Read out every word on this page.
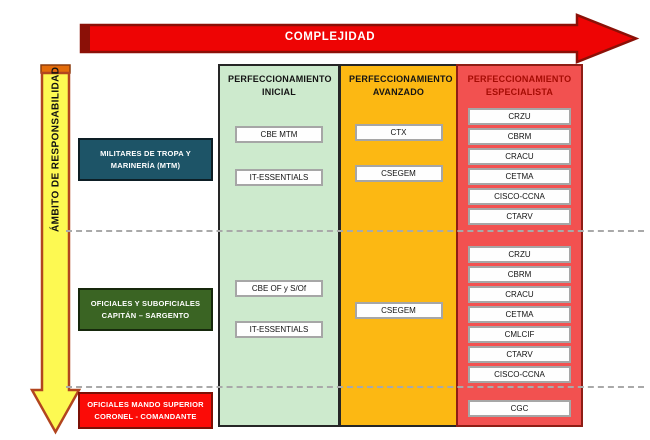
COMPLEJIDAD
PERFECCIONAMIENTO INICIAL
CBE MTM
IT-ESSENTIALS
CBE OF y S/Of
IT-ESSENTIALS
PERFECCIONAMIENTO AVANZADO
CTX
CSEGEM
CSEGEM
PERFECCIONAMIENTO ESPECIALISTA
CRZU
CBRM
CRACU
CETMA
CISCO-CCNA
CTARV
CRZU
CBRM
CRACU
CETMA
CMLCIF
CTARV
CISCO-CCNA
CGC
MILITARES DE TROPA Y
MARINERÍA (MTM)
OFICIALES Y SUBOFICIALES
CAPITÁN – SARGENTO
OFICIALES MANDO SUPERIOR
CORONEL - COMANDANTE
